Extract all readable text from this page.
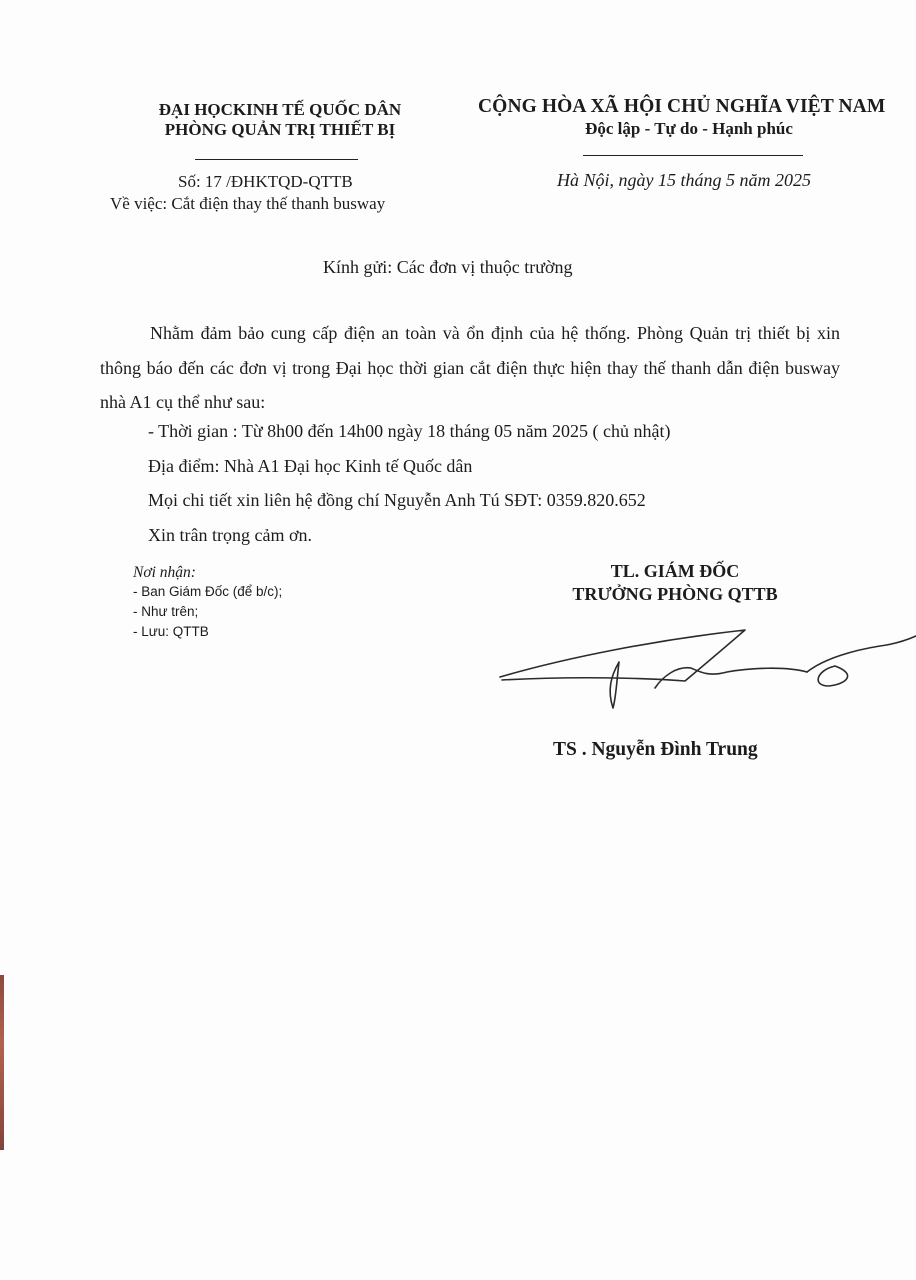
ĐẠI HỌCKINH TẾ QUỐC DÂN
PHÒNG QUẢN TRỊ THIẾT BỊ
Số: 17 /ĐHKTQD-QTTB
Về việc: Cắt điện thay thế thanh busway
CỘNG HÒA XÃ HỘI CHỦ NGHĨA VIỆT NAM
Độc lập - Tự do - Hạnh phúc
Hà Nội, ngày 15 tháng 5 năm 2025
Kính gửi: Các đơn vị thuộc trường
Nhằm đảm bảo cung cấp điện an toàn và ổn định của hệ thống. Phòng Quản trị thiết bị xin thông báo đến các đơn vị trong Đại học thời gian cắt điện thực hiện thay thế thanh dẫn điện busway nhà A1 cụ thể như sau:
- Thời gian : Từ 8h00 đến 14h00 ngày 18 tháng 05 năm 2025 ( chủ nhật)
Địa điểm: Nhà A1 Đại học Kinh tế Quốc dân
Mọi chi tiết xin liên hệ đồng chí Nguyễn Anh Tú SĐT: 0359.820.652
Xin trân trọng cảm ơn.
Nơi nhận:
- Ban Giám Đốc (để b/c);
- Như trên;
- Lưu: QTTB
TL. GIÁM ĐỐC
TRƯỞNG PHÒNG QTTB
TS . Nguyễn Đình Trung
